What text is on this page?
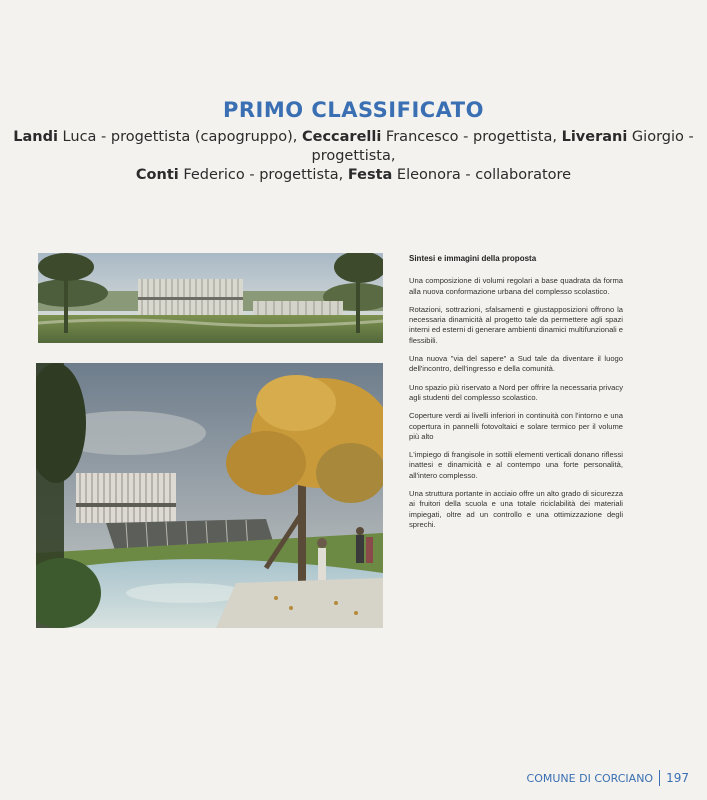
PRIMO CLASSIFICATO
Landi Luca - progettista (capogruppo), Ceccarelli Francesco - progettista, Liverani Giorgio - progettista,
Conti Federico - progettista, Festa Eleonora - collaboratore
Sintesi e immagini della proposta

Una composizione di volumi regolari a base quadrata da forma alla nuova conformazione urbana del complesso scolastico.

Rotazioni, sottrazioni, sfalsamenti e giustapposizioni offrono la necessaria dinamicità al progetto tale da permettere agli spazi interni ed esterni di generare ambienti dinamici multifunzionali e flessibili.

Una nuova "via del sapere" a Sud tale da diventare il luogo dell'incontro, dell'ingresso e della comunità.

Uno spazio più riservato a Nord per offrire la necessaria privacy agli studenti del complesso scolastico.

Coperture verdi ai livelli inferiori in continuità con l'intorno e una copertura in pannelli fotovoltaici e solare termico per il volume più alto

L'impiego di frangisole in sottili elementi verticali donano riflessi inattesi e dinamicità e al contempo una forte personalità, all'intero complesso.

Una struttura portante in acciaio offre un alto grado di sicurezza ai fruitori della scuola e una totale riciclabilità dei materiali impiegati, oltre ad un controllo e una ottimizzazione degli sprechi.

COMUNE DI CORCIANO 197
